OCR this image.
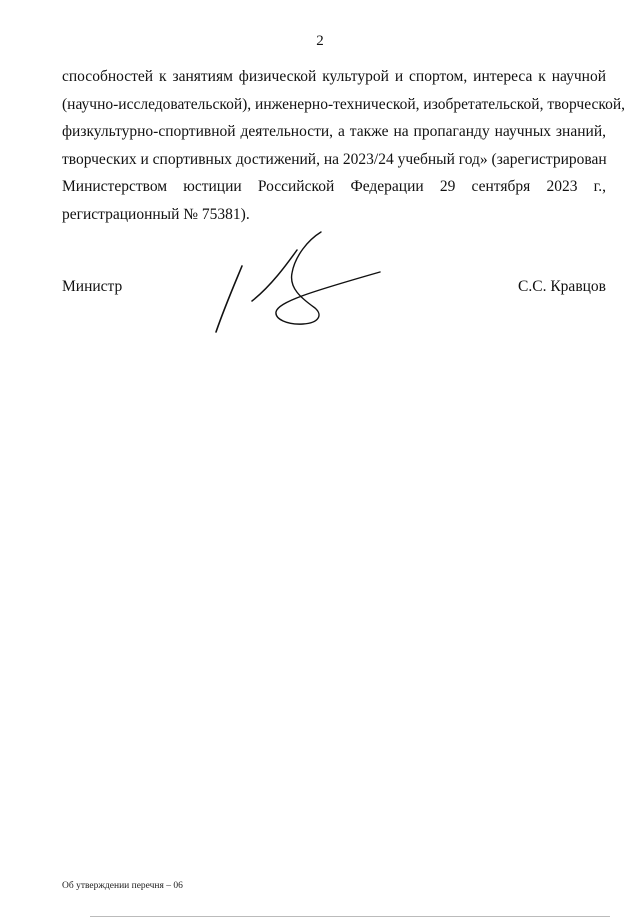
2
способностей к занятиям физической культурой и спортом, интереса к научной
(научно-исследовательской), инженерно-технической, изобретательской, творческой,
физкультурно-спортивной деятельности, а также на пропаганду научных знаний,
творческих и спортивных достижений, на 2023/24 учебный год» (зарегистрирован
Министерством юстиции Российской Федерации 29 сентября 2023 г.,
регистрационный № 75381).
Министр	С.С. Кравцов
Об утверждении перечня – 06
